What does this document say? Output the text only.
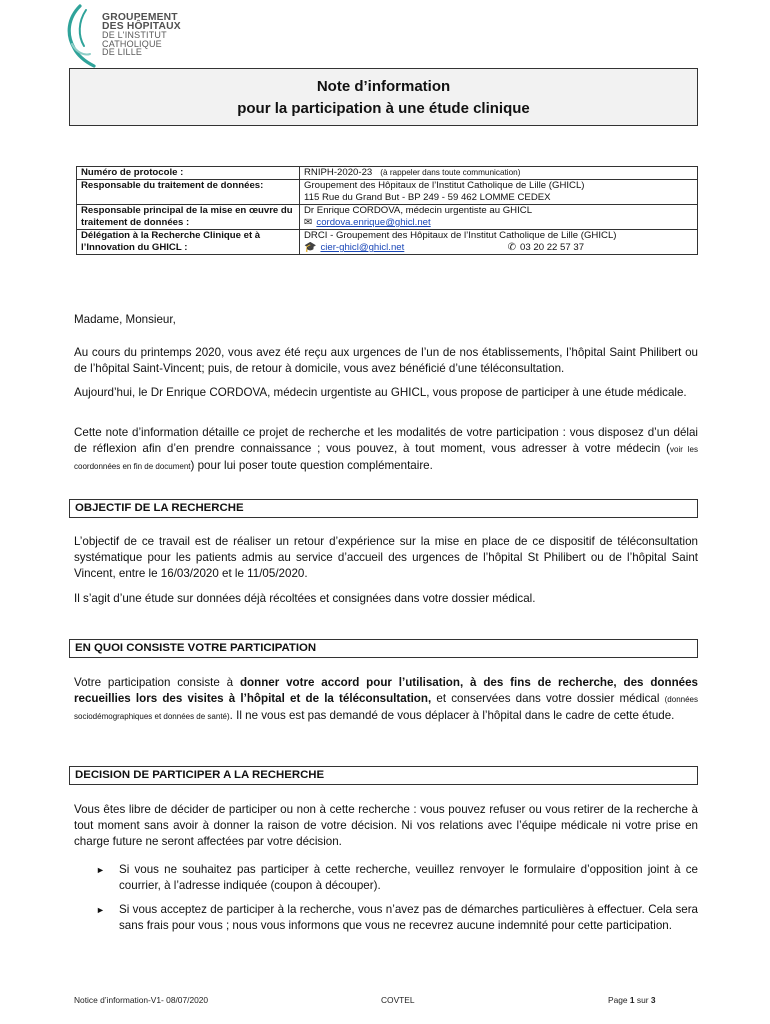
GROUPEMENT
DES HÔPITAUX
DE L'INSTITUT
CATHOLIQUE
DE LILLE
Note d’information
pour la participation à une étude clinique
Numéro de protocole :	RNIPH-2020-23 (à rappeler dans toute communication)
Responsable du traitement de données:	Groupement des Hôpitaux de l’Institut Catholique de Lille (GHICL)
115 Rue du Grand But - BP 249 - 59 462 LOMME CEDEX

Responsable principal de la mise en œuvre du traitement de données :	Dr Enrique CORDOVA, médecin urgentiste au GHICL
✉ cordova.enrique@ghicl.net

Délégation à la Recherche Clinique et à l’Innovation du GHICL :	DRCI - Groupement des Hôpitaux de l’Institut Catholique de Lille (GHICL)
🎓 cier-ghicl@ghicl.net ✆ 03 20 22 57 37
Madame, Monsieur,
Au cours du printemps 2020, vous avez été reçu aux urgences de l’un de nos établissements, l’hôpital Saint Philibert ou de l’hôpital Saint-Vincent; puis, de retour à domicile, vous avez bénéficié d’une téléconsultation.
Aujourd’hui, le Dr Enrique CORDOVA, médecin urgentiste au GHICL, vous propose de participer à une étude médicale.
Cette note d’information détaille ce projet de recherche et les modalités de votre participation : vous disposez d’un délai de réflexion afin d’en prendre connaissance ; vous pouvez, à tout moment, vous adresser à votre médecin (voir les coordonnées en fin de document) pour lui poser toute question complémentaire.
OBJECTIF DE LA RECHERCHE
L’objectif de ce travail est de réaliser un retour d’expérience sur la mise en place de ce dispositif de téléconsultation systématique pour les patients admis au service d’accueil des urgences de l’hôpital St Philibert ou de l’hôpital Saint Vincent, entre le 16/03/2020 et le 11/05/2020.
Il s’agit d’une étude sur données déjà récoltées et consignées dans votre dossier médical.
EN QUOI CONSISTE VOTRE PARTICIPATION
Votre participation consiste à donner votre accord pour l’utilisation, à des fins de recherche, des données recueillies lors des visites à l’hôpital et de la téléconsultation, et conservées dans votre dossier médical (données sociodémographiques et données de santé). Il ne vous est pas demandé de vous déplacer à l’hôpital dans le cadre de cette étude.
DECISION DE PARTICIPER A LA RECHERCHE
Vous êtes libre de décider de participer ou non à cette recherche : vous pouvez refuser ou vous retirer de la recherche à tout moment sans avoir à donner la raison de votre décision. Ni vos relations avec l’équipe médicale ni votre prise en charge future ne seront affectées par votre décision.
► Si vous ne souhaitez pas participer à cette recherche, veuillez renvoyer le formulaire d’opposition joint à ce courrier, à l’adresse indiquée (coupon à découper).
► Si vous acceptez de participer à la recherche, vous n’avez pas de démarches particulières à effectuer. Cela sera sans frais pour vous ; nous vous informons que vous ne recevrez aucune indemnité pour cette participation.
Notice d’information-V1- 08/07/2020	COVTEL	Page 1 sur 3
